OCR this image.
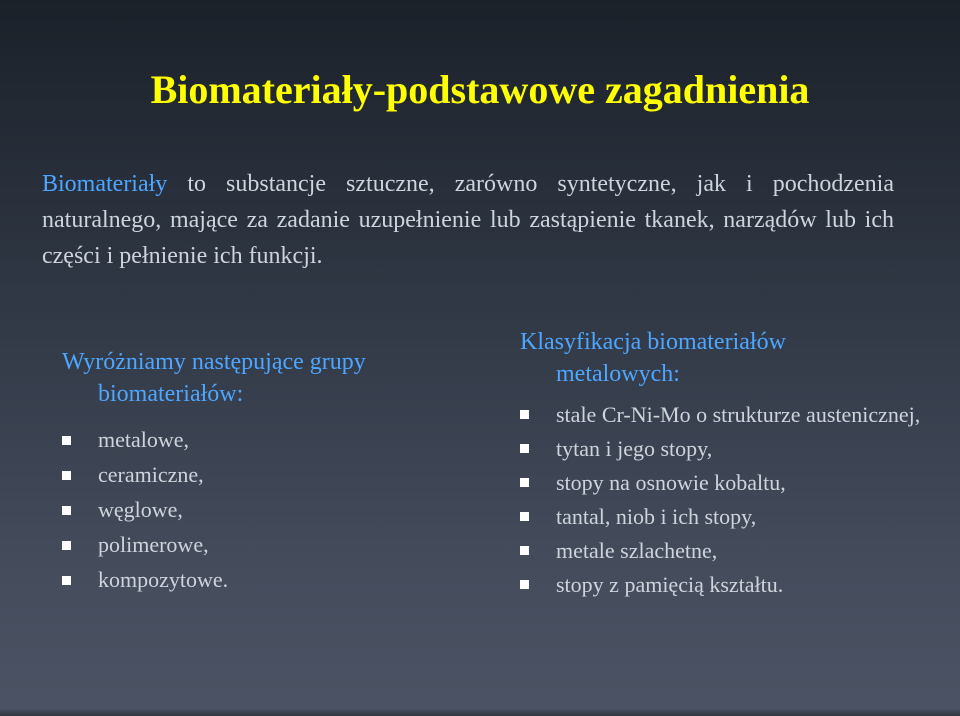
Biomateriały-podstawowe zagadnienia

Biomateriały to substancje sztuczne, zarówno syntetyczne, jak i pochodzenia naturalnego, mające za zadanie uzupełnienie lub zastąpienie tkanek, narządów lub ich części i pełnienie ich funkcji.

Wyróżniamy następujące grupy
biomateriałów:

metalowe,
ceramiczne,
węglowe,
polimerowe,
kompozytowe.

Klasyfikacja biomateriałów
metalowych:

stale Cr-Ni-Mo o strukturze austenicznej,
tytan i jego stopy,
stopy na osnowie kobaltu,
tantal, niob i ich stopy,
metale szlachetne,
stopy z pamięcią kształtu.
